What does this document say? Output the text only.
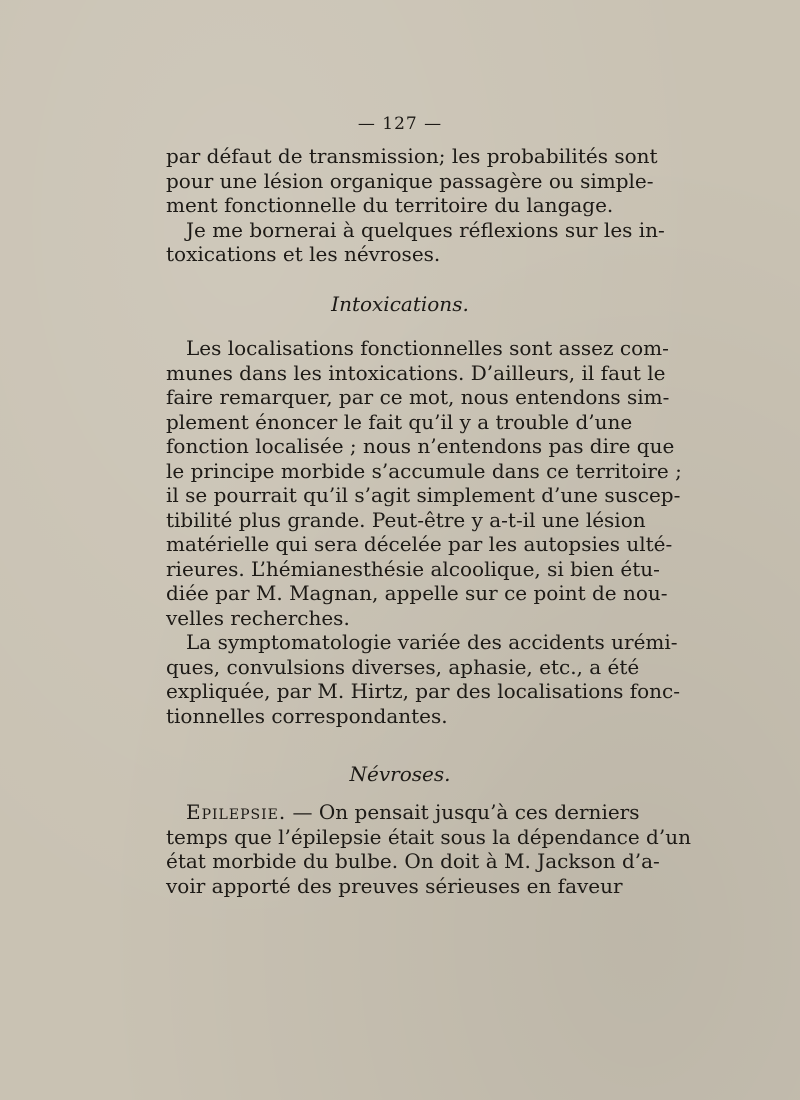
— 127 —
par défaut de transmission; les probabilités sont
pour une lésion organique passagère ou simple-
ment fonctionnelle du territoire du langage.
Je me bornerai à quelques réflexions sur les in-
toxications et les névroses.
Intoxications.
Les localisations fonctionnelles sont assez com-
munes dans les intoxications. D’ailleurs, il faut le
faire remarquer, par ce mot, nous entendons sim-
plement énoncer le fait qu’il y a trouble d’une
fonction localisée ; nous n’entendons pas dire que
le principe morbide s’accumule dans ce territoire ;
il se pourrait qu’il s’agit simplement d’une suscep-
tibilité plus grande. Peut-être y a-t-il une lésion
matérielle qui sera décelée par les autopsies ulté-
rieures. L’hémianesthésie alcoolique, si bien étu-
diée par M. Magnan, appelle sur ce point de nou-
velles recherches.
La symptomatologie variée des accidents urémi-
ques, convulsions diverses, aphasie, etc., a été
expliquée, par M. Hirtz, par des localisations fonc-
tionnelles correspondantes.
Névroses.
Epilepsie. — On pensait jusqu’à ces derniers
temps que l’épilepsie était sous la dépendance d’un
état morbide du bulbe. On doit à M. Jackson d’a-
voir apporté des preuves sérieuses en faveur
